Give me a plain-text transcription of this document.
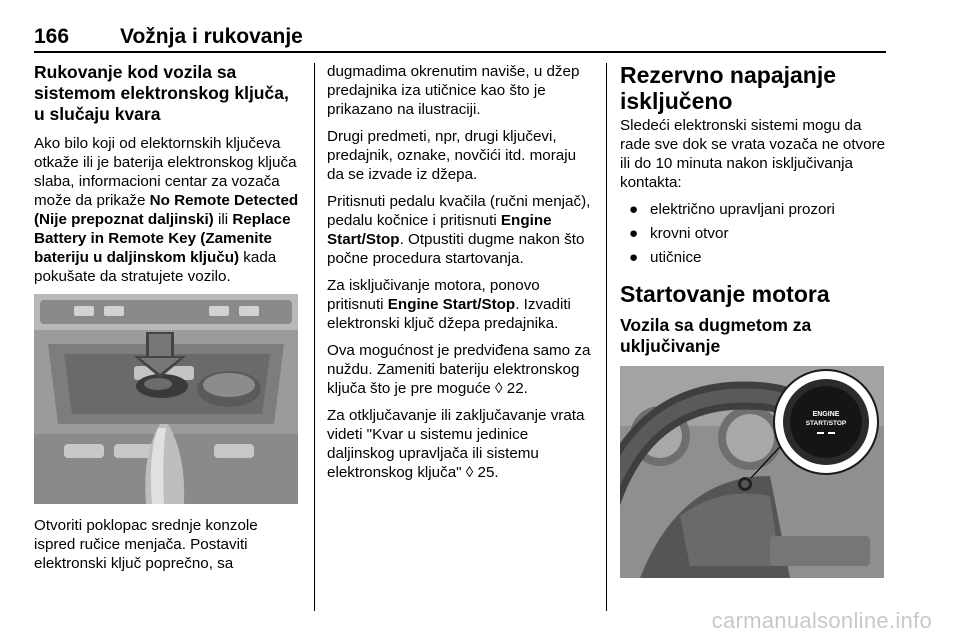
166 Vožnja i rukovanje
Rukovanje kod vozila sa sistemom elektronskog ključa, u slučaju kvara

Ako bilo koji od elektornskih ključeva otkaže ili je baterija elektronskog ključa slaba, informacioni centar za vozača može da prikaže No Remote Detected (Nije prepoznat daljinski) ili Replace Battery in Remote Key (Zamenite bateriju u daljinskom ključu) kada pokušate da stratujete vozilo.

Otvoriti poklopac srednje konzole ispred ručice menjača. Postaviti elektronski ključ poprečno, sa

dugmadima okrenutim naviše, u džep predajnika iza utičnice kao što je prikazano na ilustraciji.

Drugi predmeti, npr, drugi ključevi, predajnik, oznake, novčići itd. moraju da se izvade iz džepa.

Pritisnuti pedalu kvačila (ručni menjač), pedalu kočnice i pritisnuti Engine Start/Stop. Otpustiti dugme nakon što počne procedura startovanja.

Za isključivanje motora, ponovo pritisnuti Engine Start/Stop. Izvaditi elektronski ključ džepa predajnika.

Ova mogućnost je predviđena samo za nuždu. Zameniti bateriju elektronskog ključa što je pre moguće ◊ 22.

Za otključavanje ili zaključavanje vrata videti "Kvar u sistemu jedinice daljinskog upravljača ili sistemu elektronskog ključa" ◊ 25.

Rezervno napajanje isključeno

Sledeći elektronski sistemi mogu da rade sve dok se vrata vozača ne otvore ili do 10 minuta nakon isključivanja kontakta:

● električno upravljani prozori
● krovni otvor
● utičnice
Startovanje motora
Vozila sa dugmetom za uključivanje
ENGINE
START/STOP
carmanualsonline.info
